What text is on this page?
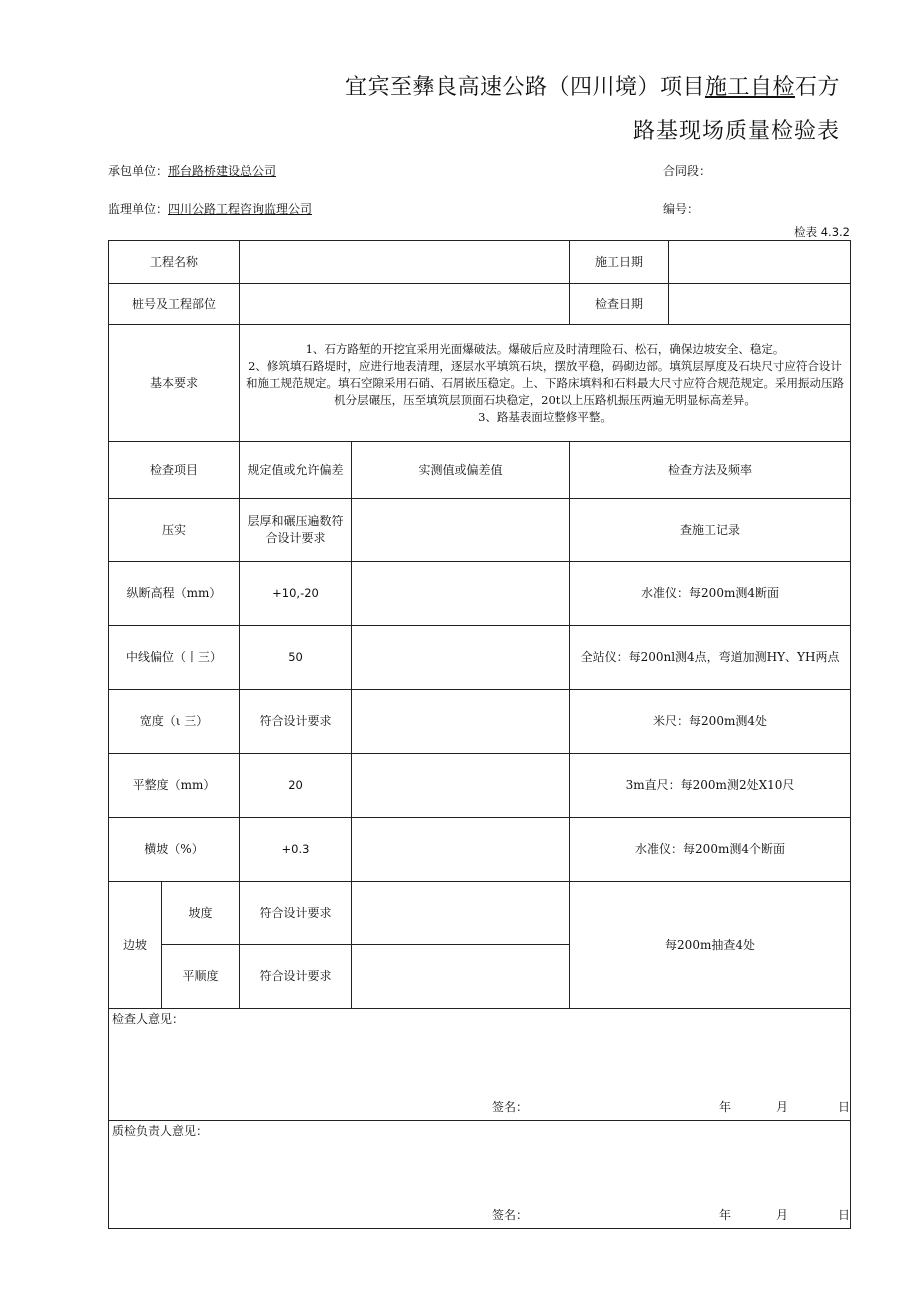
宜宾至彝良高速公路（四川境）项目施工自检石方
路基现场质量检验表
承包单位：邢台路桥建设总公司	合同段：
监理单位：四川公路工程咨询监理公司	编号：
检表 4.3.2
工程名称				施工日期	
桩号及工程部位				检查日期	
基本要求		1、石方路堑的开挖宜采用光面爆破法。爆破后应及时清理险石、松石，确保边坡安全、稳定。
2、修筑填石路堤时，应进行地表清理，逐层水平填筑石块，摆放平稳，码砌边部。填筑层厚度及石块尺寸应符合设计和施工规范规定。填石空隙采用石硝、石屑嵌压稳定。上、下路床填料和石料最大尺寸应符合规范规定。采用振动压路机分层碾压，压至填筑层顶面石块稳定，20t以上压路机振压两遍无明显标高差异。
3、路基表面垃整修平整。			

检查项目		规定值或允许偏差	实测值或偏差值	检查方法及频率	
压实		层厚和碾压遍数符合设计要求		查施工记录	
纵断高程（mm）		+10,-20		水准仪：每200m测4断面	
中线偏位（丨三）		50		全站仪：每200nl测4点，弯道加测HY、YH两点	
宽度（ι 三）		符合设计要求		米尺：每200m测4处	
平整度（mm）		20		3m直尺：每200m测2处X10尺	
横坡（%）		+0.3		水准仪：每200m测4个断面	
边坡	坡度	符合设计要求		每200m抽查4处	
	平顺度	符合设计要求			
检查人意见：
签名： 年 月 日					

质检负责人意见：
签名： 年 月 日					
